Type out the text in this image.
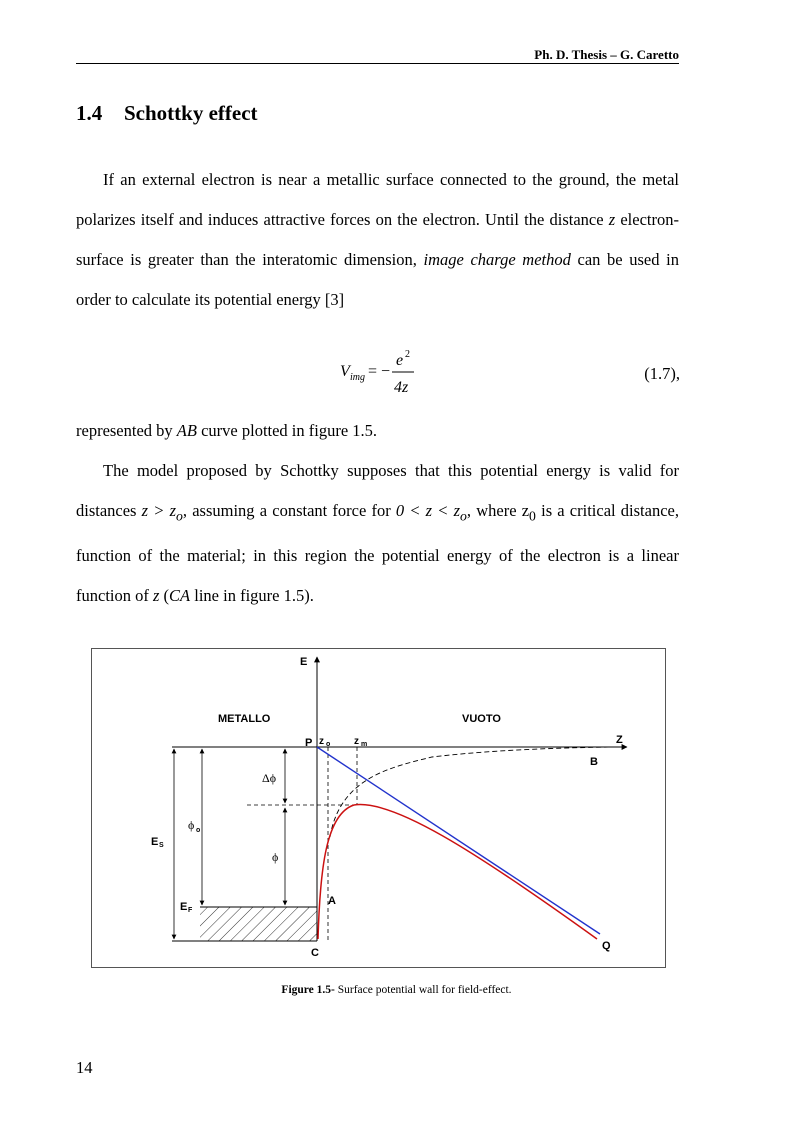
Ph. D. Thesis – G. Caretto
1.4 Schottky effect
If an external electron is near a metallic surface connected to the ground, the metal polarizes itself and induces attractive forces on the electron. Until the distance z electron-surface is greater than the interatomic dimension, image charge method can be used in order to calculate its potential energy [3]
V img = −
e 2
4z
(1.7),
represented by AB curve plotted in figure 1.5.
The model proposed by Schottky supposes that this potential energy is valid for distances $z > z_o$, assuming a constant force for $0 < z < z_o$, where $z_0$ is a critical distance, function of the material; in this region the potential energy of the electron is a linear function of z (CA line in figure 1.5).
E
Z
METALLO	VUOTO
P z o z m
B
A
C
Q
Δϕ
ϕ o
ϕ
E S
E F
Figure 1.5- Surface potential wall for field-effect.
14
